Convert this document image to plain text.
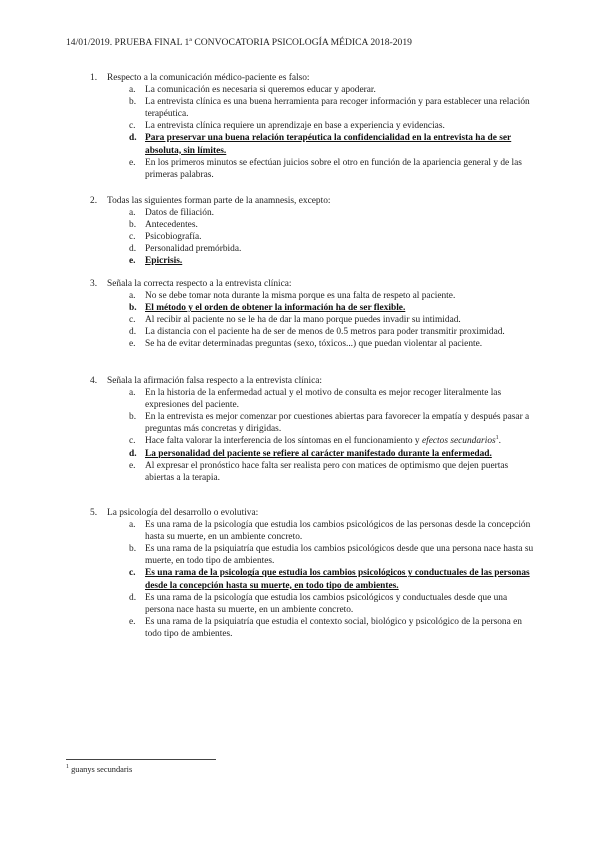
14/01/2019. PRUEBA FINAL 1ª CONVOCATORIA PSICOLOGÍA MÉDICA 2018-2019
1. Respecto a la comunicación médico-paciente es falso:
a. La comunicación es necesaria si queremos educar y apoderar.
b. La entrevista clínica es una buena herramienta para recoger información y para establecer una relación terapéutica.
c. La entrevista clínica requiere un aprendizaje en base a experiencia y evidencias.
d. Para preservar una buena relación terapéutica la confidencialidad en la entrevista ha de ser absoluta, sin límites.
e. En los primeros minutos se efectúan juicios sobre el otro en función de la apariencia general y de las primeras palabras.
2. Todas las siguientes forman parte de la anamnesis, excepto:
a. Datos de filiación.
b. Antecedentes.
c. Psicobiografía.
d. Personalidad premórbida.
e. Epicrisis.
3. Señala la correcta respecto a la entrevista clínica:
a. No se debe tomar nota durante la misma porque es una falta de respeto al paciente.
b. El método y el orden de obtener la información ha de ser flexible.
c. Al recibir al paciente no se le ha de dar la mano porque puedes invadir su intimidad.
d. La distancia con el paciente ha de ser de menos de 0.5 metros para poder transmitir proximidad.
e. Se ha de evitar determinadas preguntas (sexo, tóxicos...) que puedan violentar al paciente.
4. Señala la afirmación falsa respecto a la entrevista clínica:
a. En la historia de la enfermedad actual y el motivo de consulta es mejor recoger literalmente las expresiones del paciente.
b. En la entrevista es mejor comenzar por cuestiones abiertas para favorecer la empatía y después pasar a preguntas más concretas y dirigidas.
c. Hace falta valorar la interferencia de los síntomas en el funcionamiento y efectos secundarios$^1$.
d. La personalidad del paciente se refiere al carácter manifestado durante la enfermedad.
e. Al expresar el pronóstico hace falta ser realista pero con matices de optimismo que dejen puertas abiertas a la terapia.
5. La psicología del desarrollo o evolutiva:
a. Es una rama de la psicología que estudia los cambios psicológicos de las personas desde la concepción hasta su muerte, en un ambiente concreto.
b. Es una rama de la psiquiatría que estudia los cambios psicológicos desde que una persona nace hasta su muerte, en todo tipo de ambientes.
c. Es una rama de la psicología que estudia los cambios psicológicos y conductuales de las personas desde la concepción hasta su muerte, en todo tipo de ambientes.
d. Es una rama de la psicología que estudia los cambios psicológicos y conductuales desde que una persona nace hasta su muerte, en un ambiente concreto.
e. Es una rama de la psiquiatría que estudia el contexto social, biológico y psicológico de la persona en todo tipo de ambientes.
$^1$ guanys secundaris
